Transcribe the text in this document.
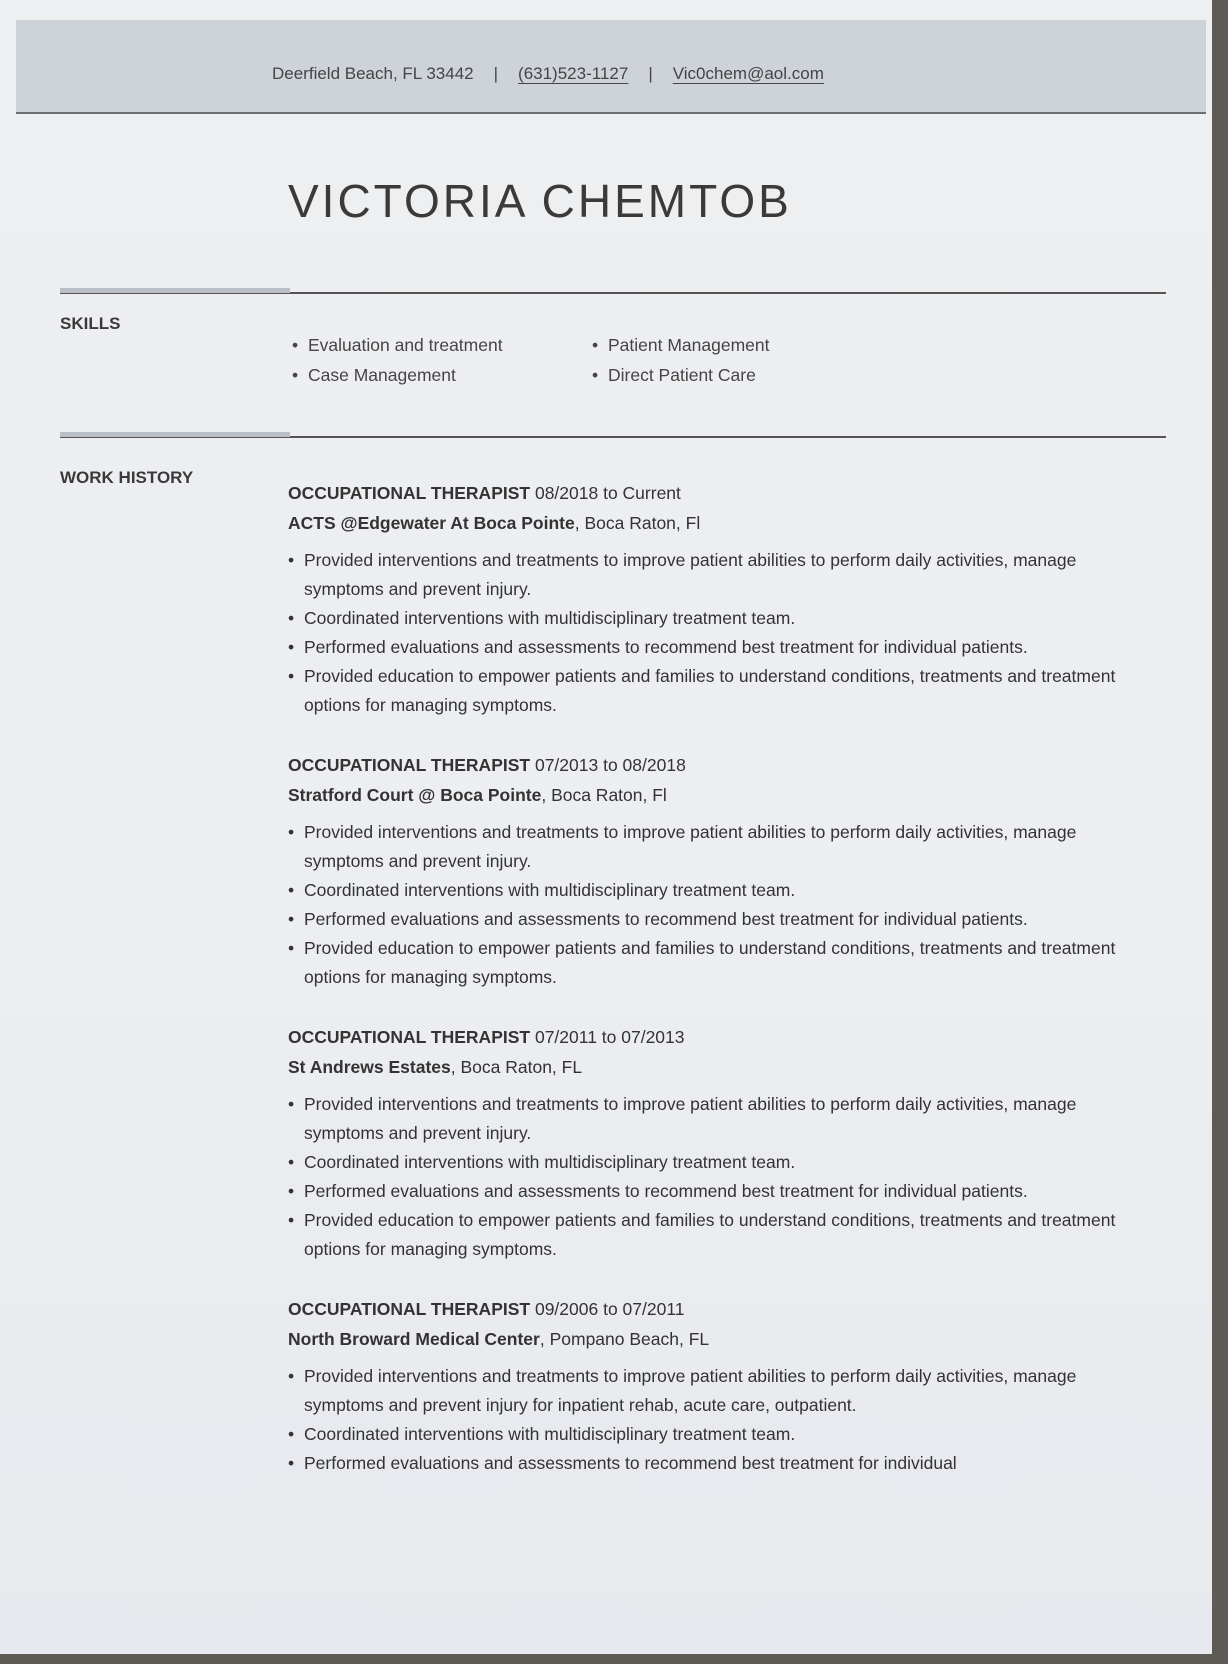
Deerfield Beach, FL 33442 | (631)523-1127 | Vic0chem@aol.com
VICTORIA CHEMTOB
SKILLS
• Evaluation and treatment
• Case Management
• Patient Management
• Direct Patient Care
WORK HISTORY
OCCUPATIONAL THERAPIST 08/2018 to Current
ACTS @Edgewater At Boca Pointe, Boca Raton, Fl
• Provided interventions and treatments to improve patient abilities to perform daily activities, manage symptoms and prevent injury.
• Coordinated interventions with multidisciplinary treatment team.
• Performed evaluations and assessments to recommend best treatment for individual patients.
• Provided education to empower patients and families to understand conditions, treatments and treatment options for managing symptoms.
OCCUPATIONAL THERAPIST 07/2013 to 08/2018
Stratford Court @ Boca Pointe, Boca Raton, Fl
• Provided interventions and treatments to improve patient abilities to perform daily activities, manage symptoms and prevent injury.
• Coordinated interventions with multidisciplinary treatment team.
• Performed evaluations and assessments to recommend best treatment for individual patients.
• Provided education to empower patients and families to understand conditions, treatments and treatment options for managing symptoms.
OCCUPATIONAL THERAPIST 07/2011 to 07/2013
St Andrews Estates, Boca Raton, FL
• Provided interventions and treatments to improve patient abilities to perform daily activities, manage symptoms and prevent injury.
• Coordinated interventions with multidisciplinary treatment team.
• Performed evaluations and assessments to recommend best treatment for individual patients.
• Provided education to empower patients and families to understand conditions, treatments and treatment options for managing symptoms.
OCCUPATIONAL THERAPIST 09/2006 to 07/2011
North Broward Medical Center, Pompano Beach, FL
• Provided interventions and treatments to improve patient abilities to perform daily activities, manage symptoms and prevent injury for inpatient rehab, acute care, outpatient.
• Coordinated interventions with multidisciplinary treatment team.
• Performed evaluations and assessments to recommend best treatment for individual
